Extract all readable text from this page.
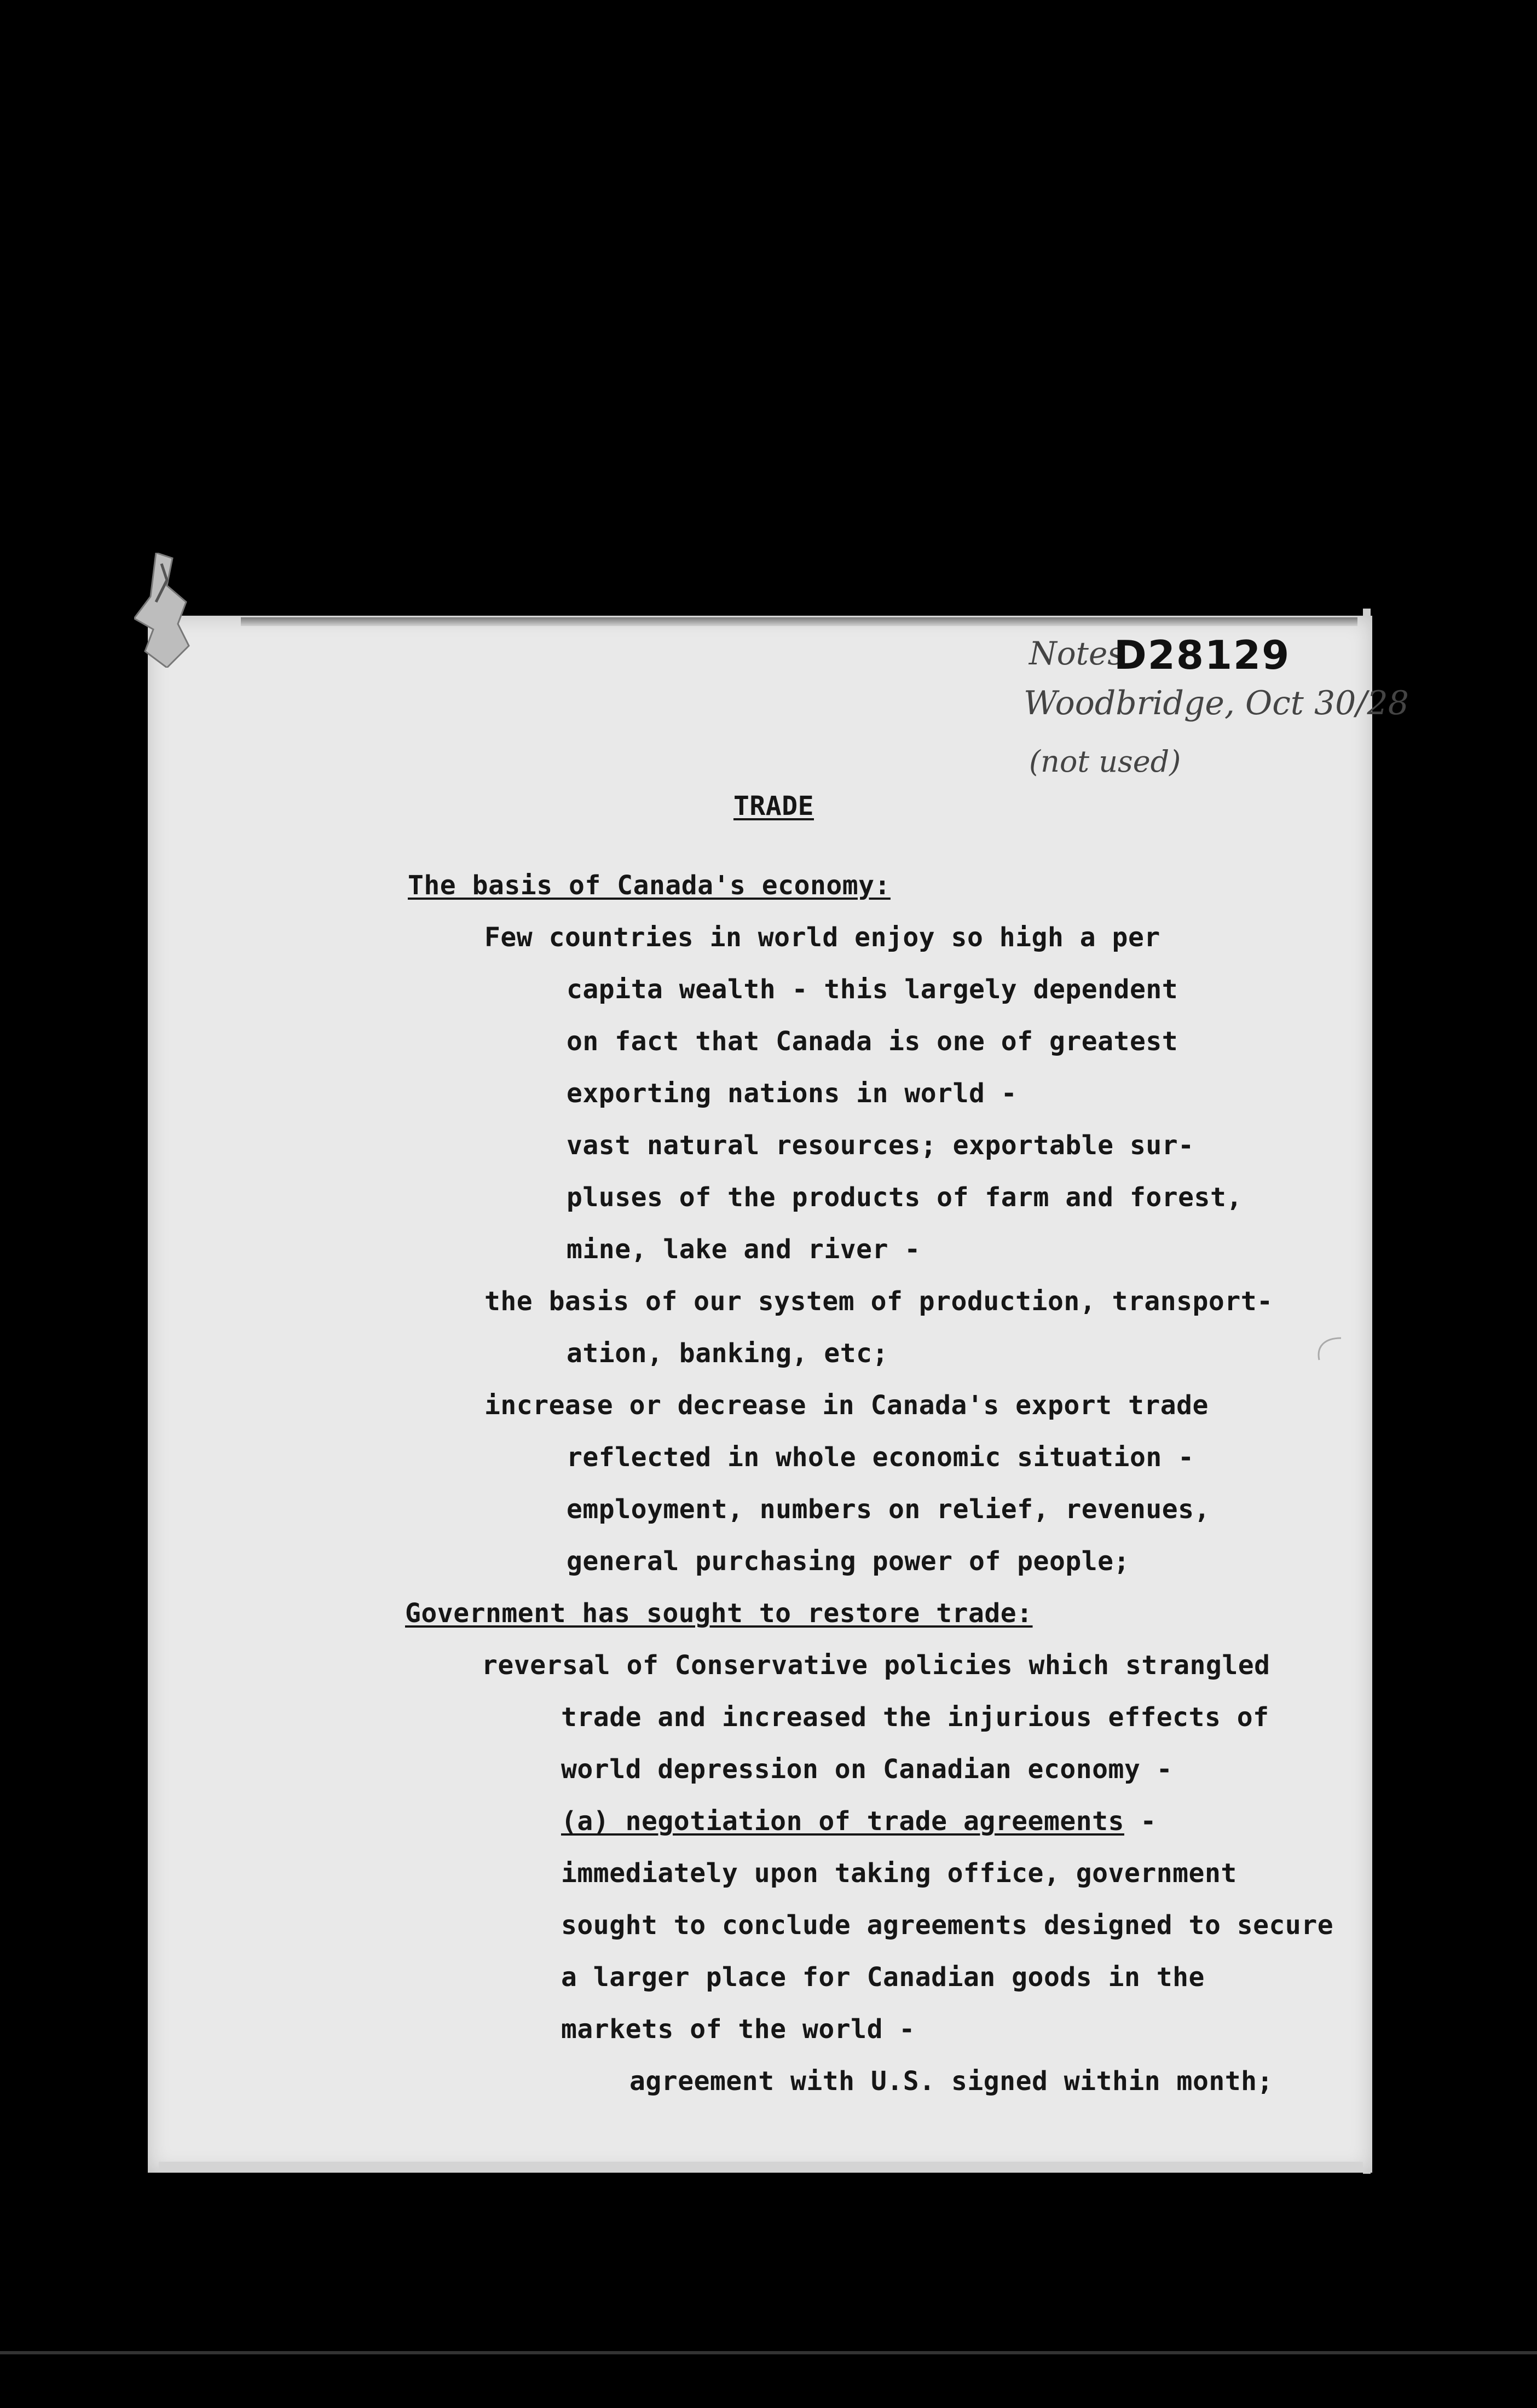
Notes
D28129
Woodbridge, Oct 30/28
(not used)
TRADE
The basis of Canada's economy:
Few countries in world enjoy so high a per
capita wealth - this largely dependent
on fact that Canada is one of greatest
exporting nations in world -
vast natural resources; exportable sur-
pluses of the products of farm and forest,
mine, lake and river -
the basis of our system of production, transport-
ation, banking, etc;
increase or decrease in Canada's export trade
reflected in whole economic situation -
employment, numbers on relief, revenues,
general purchasing power of people;
Government has sought to restore trade:
reversal of Conservative policies which strangled
trade and increased the injurious effects of
world depression on Canadian economy -
(a) negotiation of trade agreements -
immediately upon taking office, government
sought to conclude agreements designed to secure
a larger place for Canadian goods in the
markets of the world -
agreement with U.S. signed within month;
